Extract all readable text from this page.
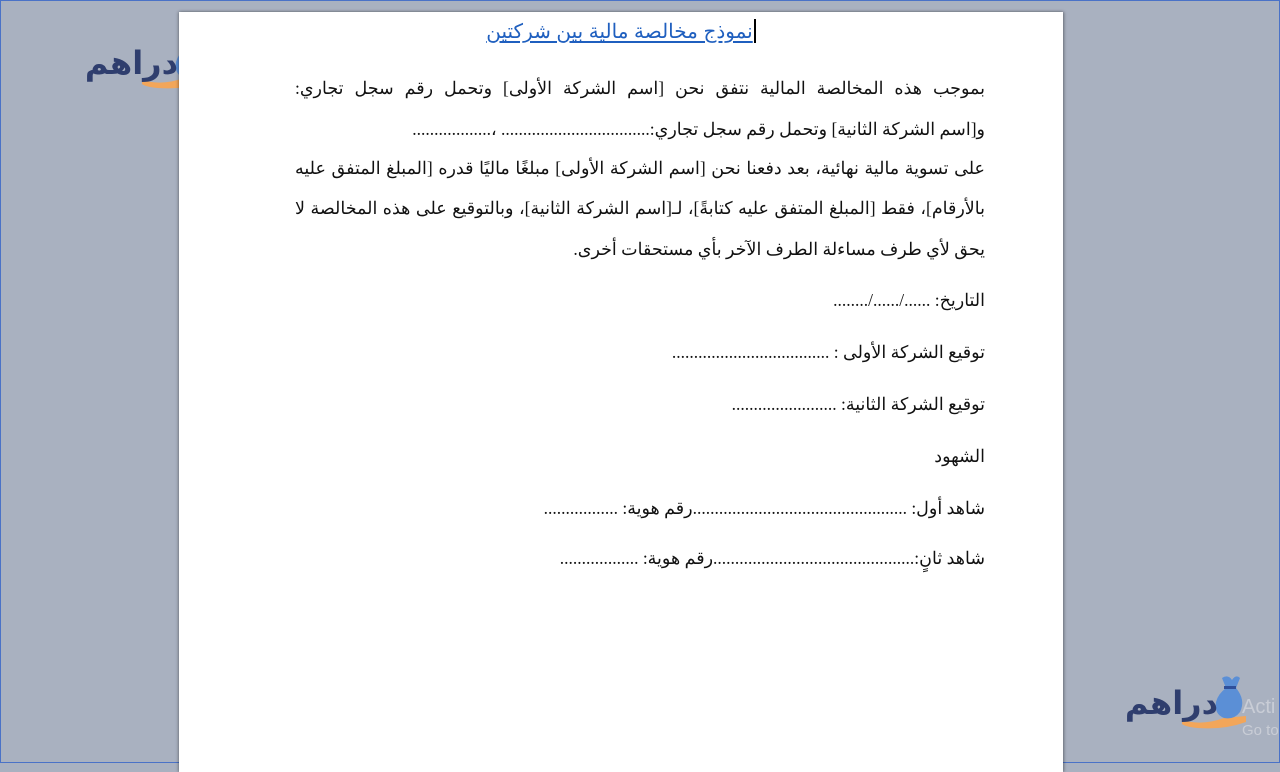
دراهم
دراهم
نموذج مخالصة مالية بين شركتين
بموجب هذه المخالصة المالية نتفق نحن [اسم الشركة الأولى] وتحمل رقم سجل تجاري:
و[اسم الشركة الثانية] وتحمل رقم سجل تجاري:.................................. ،..................
على تسوية مالية نهائية، بعد دفعنا نحن [اسم الشركة الأولى] مبلغًا ماليًا قدره [المبلغ المتفق عليه
بالأرقام]، فقط [المبلغ المتفق عليه كتابةً]، لـ[اسم الشركة الثانية]، وبالتوقيع على هذه المخالصة لا
يحق لأي طرف مساءلة الطرف الآخر بأي مستحقات أخرى.
التاريخ: ....../....../........
توقيع الشركة الأولى : ....................................
توقيع الشركة الثانية: ........................
الشهود
شاهد أول: .................................................رقم هوية: .................
شاهد ثانٍ:..............................................رقم هوية: ..................
Acti
Go to
